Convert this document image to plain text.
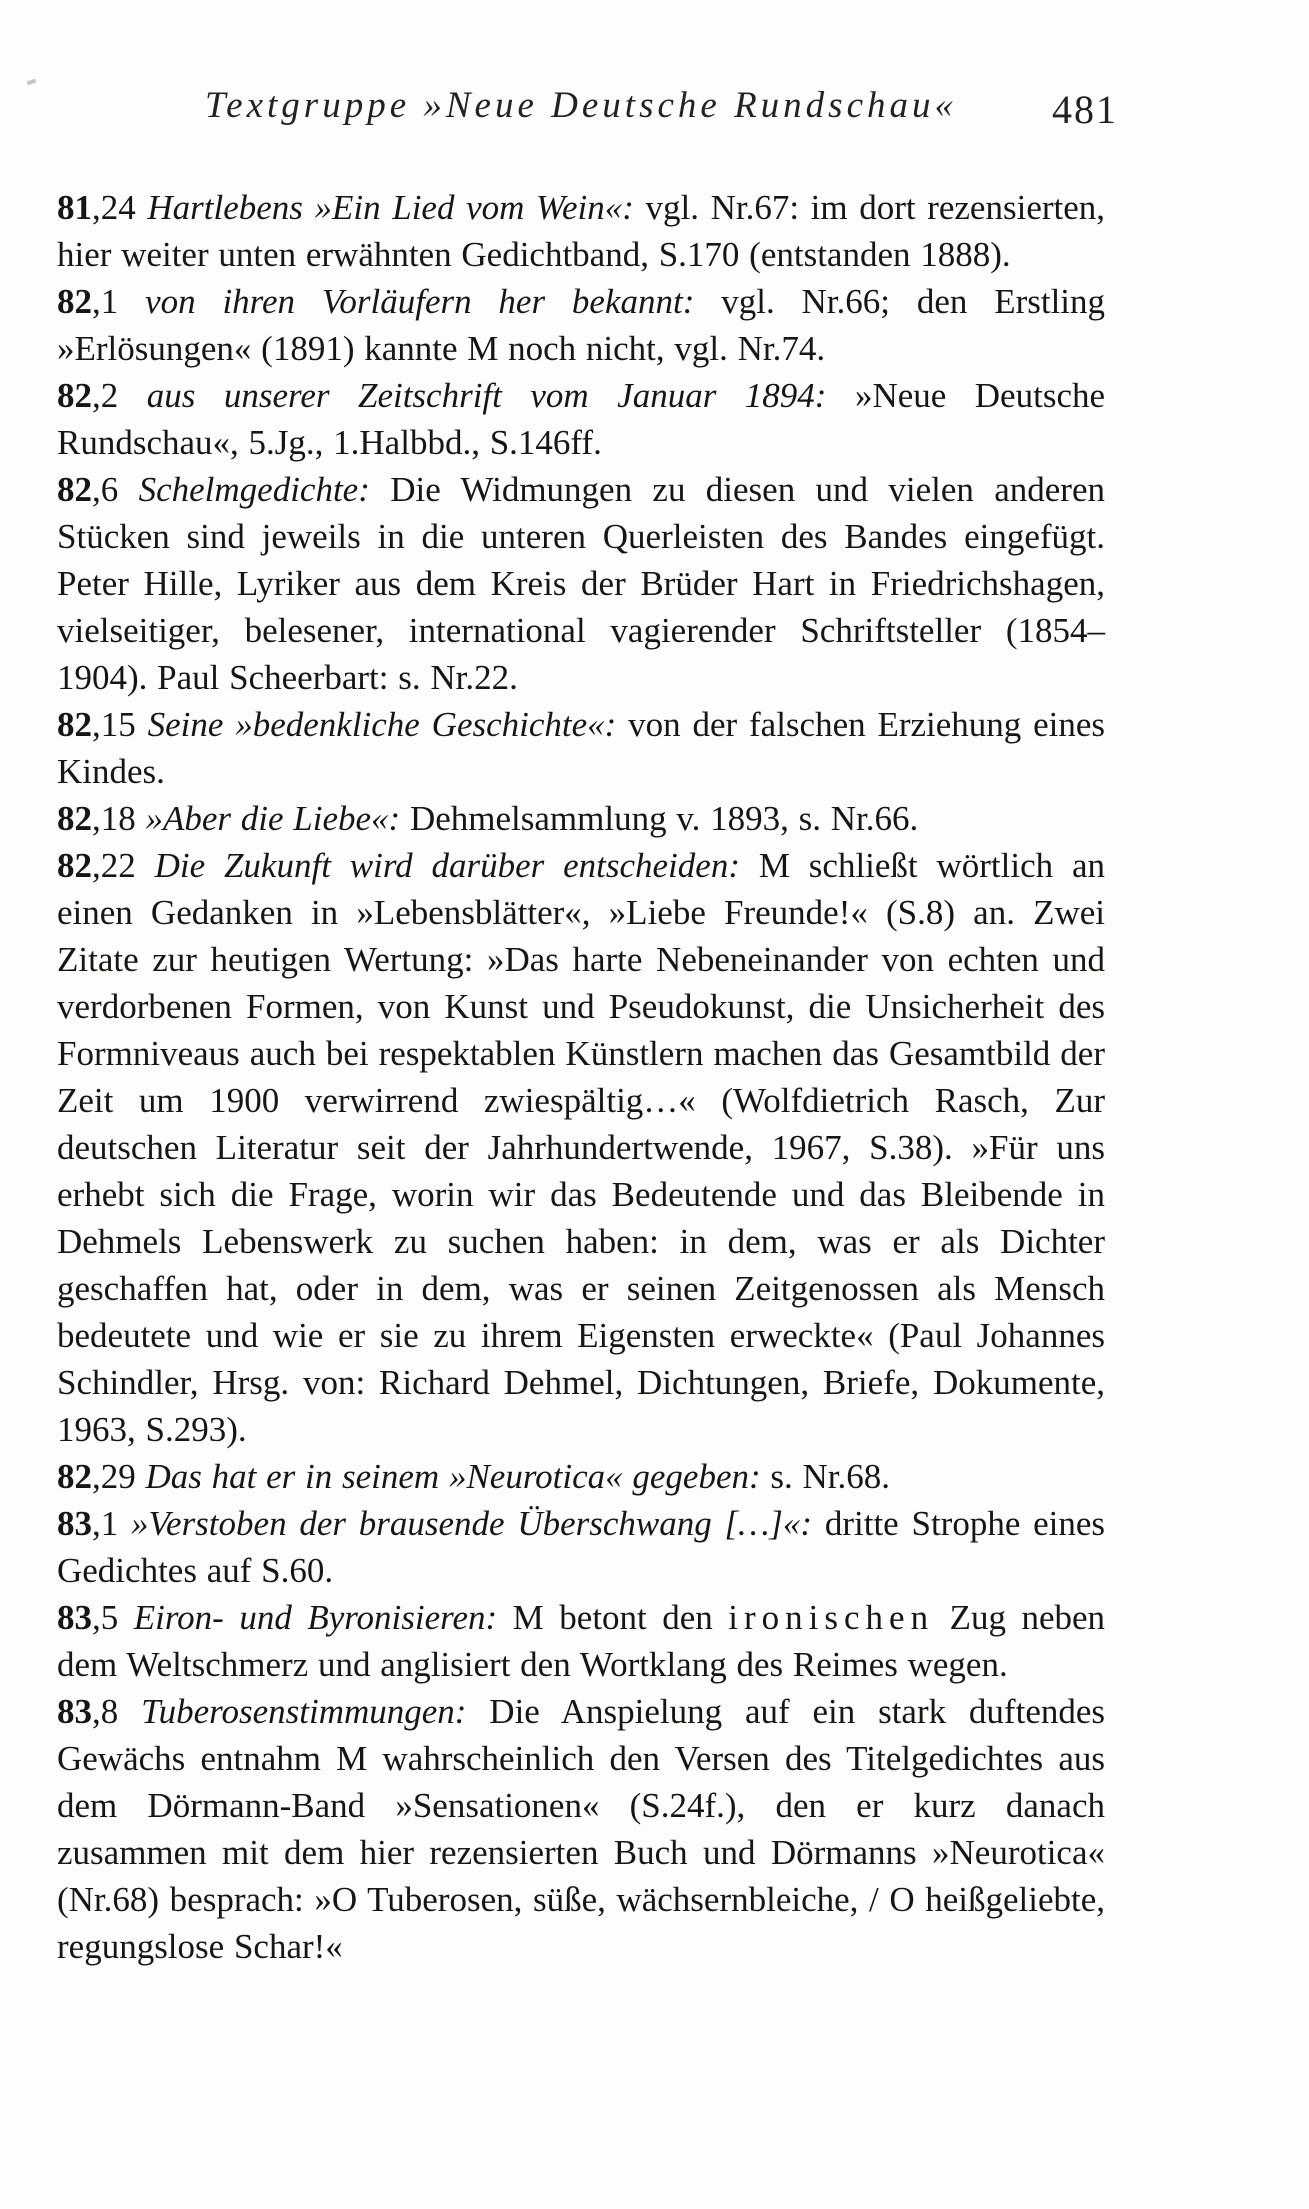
Textgruppe »Neue Deutsche Rundschau«	481

81,24 Hartlebens »Ein Lied vom Wein«: vgl. Nr.67: im dort rezensierten, hier weiter unten erwähnten Gedichtband, S.170 (entstanden 1888).

82,1 von ihren Vorläufern her bekannt: vgl. Nr.66; den Erstling »Erlösungen« (1891) kannte M noch nicht, vgl. Nr.74.

82,2 aus unserer Zeitschrift vom Januar 1894: »Neue Deutsche Rundschau«, 5.Jg., 1.Halbbd., S.146ff.

82,6 Schelmgedichte: Die Widmungen zu diesen und vielen anderen Stücken sind jeweils in die unteren Querleisten des Bandes eingefügt. Peter Hille, Lyriker aus dem Kreis der Brüder Hart in Friedrichshagen, vielseitiger, belesener, international vagierender Schriftsteller (1854–1904). Paul Scheerbart: s. Nr.22.

82,15 Seine »bedenkliche Geschichte«: von der falschen Erziehung eines Kindes.

82,18 »Aber die Liebe«: Dehmelsammlung v. 1893, s. Nr.66.

82,22 Die Zukunft wird darüber entscheiden: M schließt wörtlich an einen Gedanken in »Lebensblätter«, »Liebe Freunde!« (S.8) an. Zwei Zitate zur heutigen Wertung: »Das harte Nebeneinander von echten und verdorbenen Formen, von Kunst und Pseudokunst, die Unsicherheit des Formniveaus auch bei respektablen Künstlern machen das Gesamtbild der Zeit um 1900 verwirrend zwiespältig…« (Wolfdietrich Rasch, Zur deutschen Literatur seit der Jahrhundertwende, 1967, S.38). »Für uns erhebt sich die Frage, worin wir das Bedeutende und das Bleibende in Dehmels Lebenswerk zu suchen haben: in dem, was er als Dichter geschaffen hat, oder in dem, was er seinen Zeitgenossen als Mensch bedeutete und wie er sie zu ihrem Eigensten erweckte« (Paul Johannes Schindler, Hrsg. von: Richard Dehmel, Dichtungen, Briefe, Dokumente, 1963, S.293).

82,29 Das hat er in seinem »Neurotica« gegeben: s. Nr.68.

83,1 »Verstoben der brausende Überschwang […]«: dritte Strophe eines Gedichtes auf S.60.

83,5 Eiron- und Byronisieren: M betont den ironischen Zug neben dem Weltschmerz und anglisiert den Wortklang des Reimes wegen.

83,8 Tuberosenstimmungen: Die Anspielung auf ein stark duftendes Gewächs entnahm M wahrscheinlich den Versen des Titelgedichtes aus dem Dörmann-Band »Sensationen« (S.24f.), den er kurz danach zusammen mit dem hier rezensierten Buch und Dörmanns »Neurotica« (Nr.68) besprach: »O Tuberosen, süße, wächsernbleiche, / O heißgeliebte, regungslose Schar!«
